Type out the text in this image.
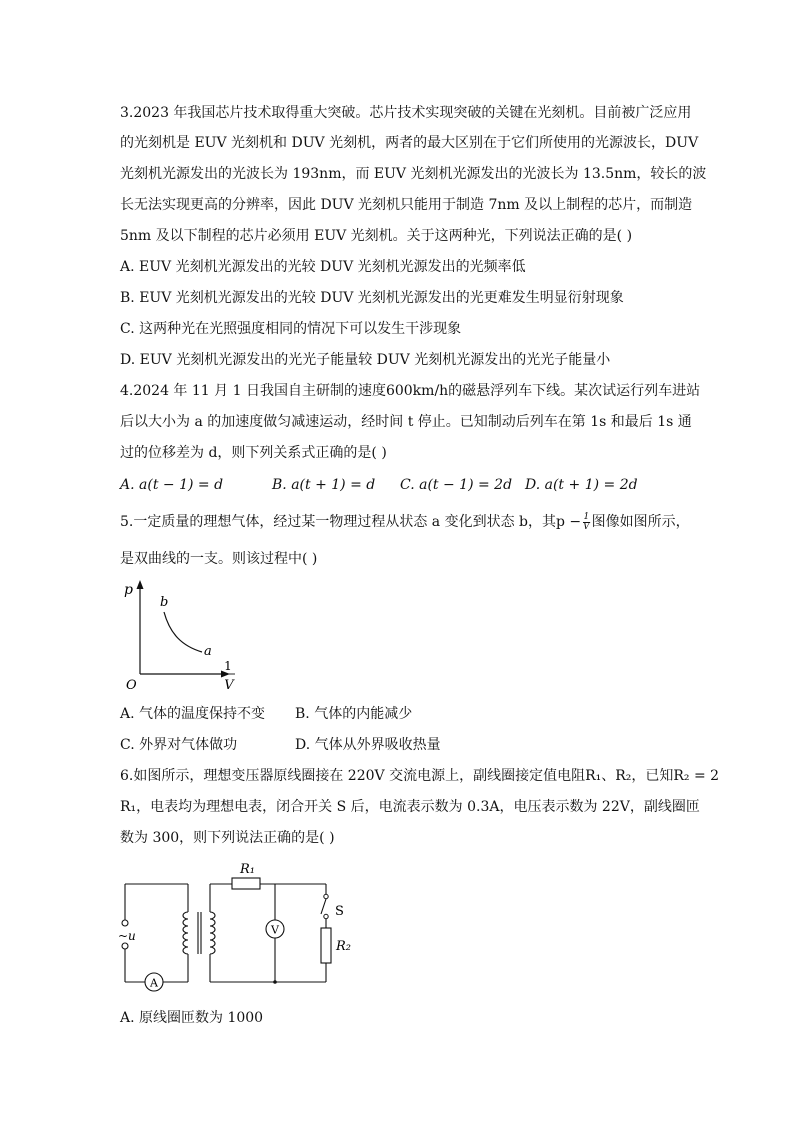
3.2023 年我国芯片技术取得重大突破。芯片技术实现突破的关键在光刻机。目前被广泛应用
的光刻机是 EUV 光刻机和 DUV 光刻机，两者的最大区别在于它们所使用的光源波长，DUV
光刻机光源发出的光波长为 193nm，而 EUV 光刻机光源发出的光波长为 13.5nm，较长的波
长无法实现更高的分辨率，因此 DUV 光刻机只能用于制造 7nm 及以上制程的芯片，而制造
5nm 及以下制程的芯片必须用 EUV 光刻机。关于这两种光，下列说法正确的是( )
A. EUV 光刻机光源发出的光较 DUV 光刻机光源发出的光频率低
B. EUV 光刻机光源发出的光较 DUV 光刻机光源发出的光更难发生明显衍射现象
C. 这两种光在光照强度相同的情况下可以发生干涉现象
D. EUV 光刻机光源发出的光光子能量较 DUV 光刻机光源发出的光光子能量小
4.2024 年 11 月 1 日我国自主研制的速度600km/h的磁悬浮列车下线。某次试运行列车进站
后以大小为 a 的加速度做匀减速运动，经时间 t 停止。已知制动后列车在第 1s 和最后 1s 通
过的位移差为 d，则下列关系式正确的是( )
A. a(t − 1) = d	B. a(t + 1) = d C. a(t − 1) = 2d D. a(t + 1) = 2d
5.一定质量的理想气体，经过某一物理过程从状态 a 变化到状态 b，其$p - \frac{1}{V}$ 图像如图所示，
是双曲线的一支。则该过程中( )
p
b
a
O
1
V
A. 气体的温度保持不变 B. 气体的内能减少
C. 外界对气体做功	D. 气体从外界吸收热量
6.如图所示，理想变压器原线圈接在 220V 交流电源上，副线圈接定值电阻R₁、R₂，已知R₂ = 2
R₁，电表均为理想电表，闭合开关 S 后，电流表示数为 0.3A，电压表示数为 22V，副线圈匝
数为 300，则下列说法正确的是( )
~u
A
R₁
V
S
R₂
A. 原线圈匝数为 1000
